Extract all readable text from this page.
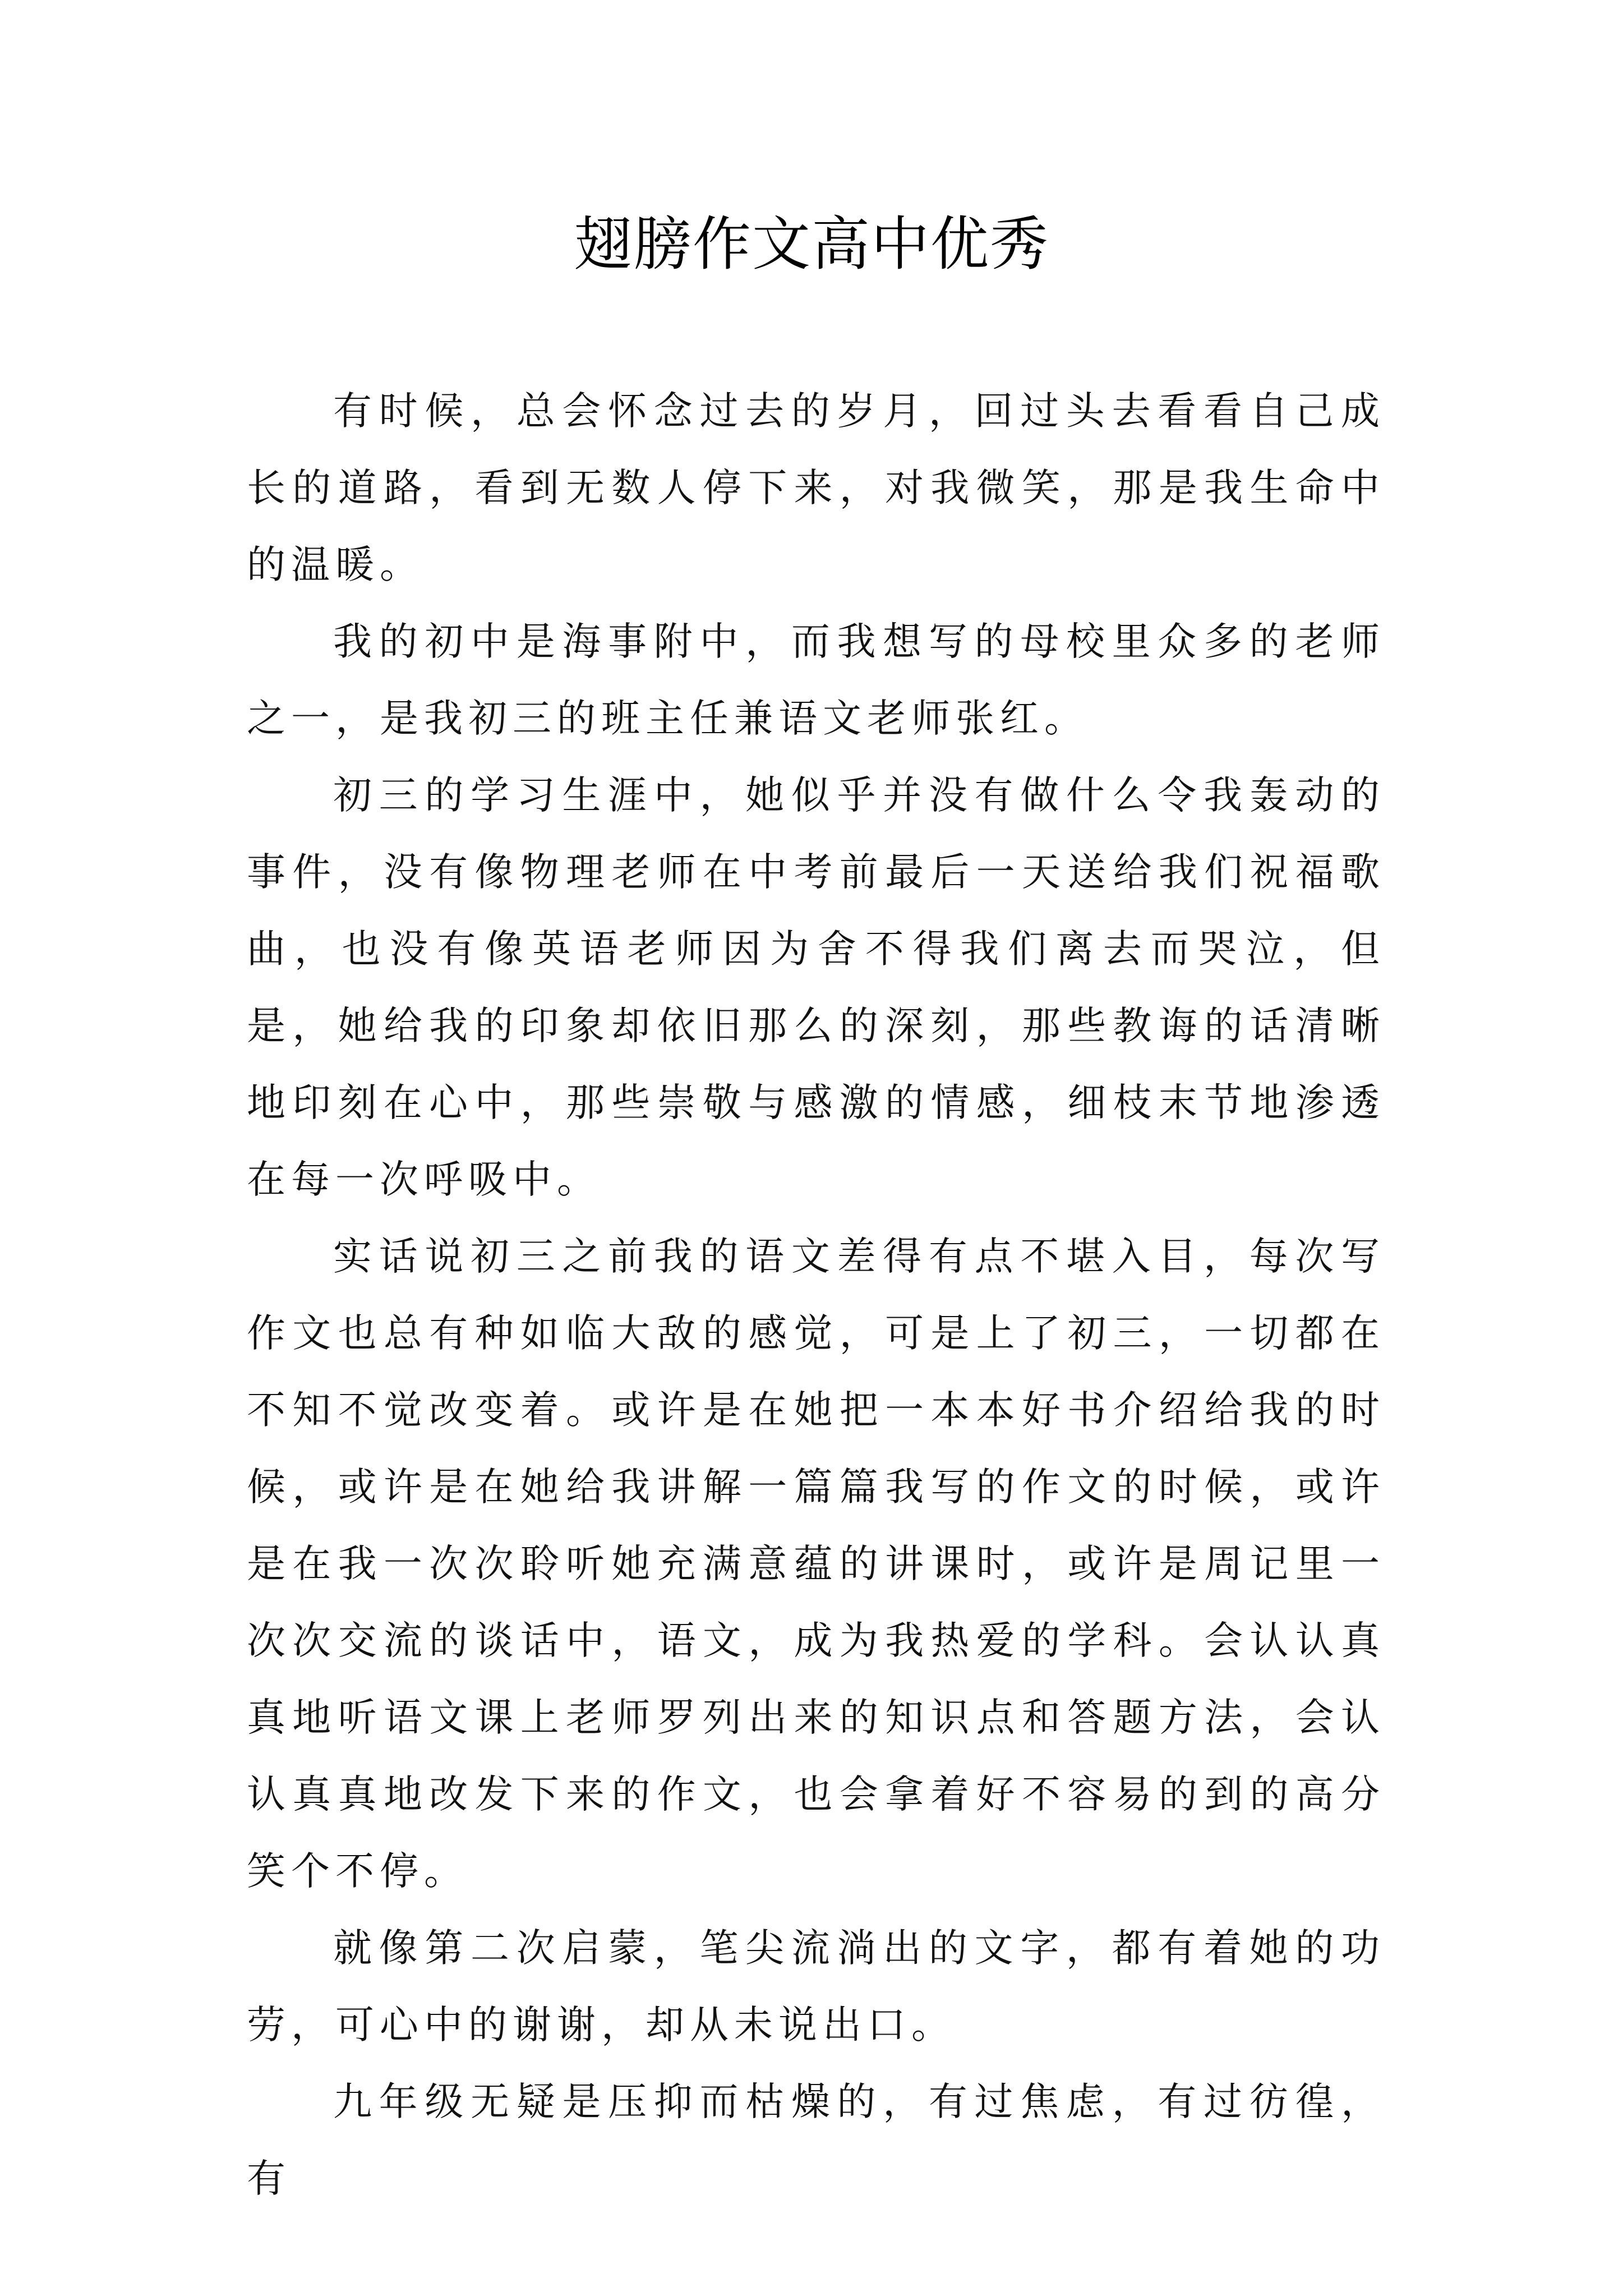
翅膀作文高中优秀

有时候，总会怀念过去的岁月，回过头去看看自己成长的道路，看到无数人停下来，对我微笑，那是我生命中的温暖。

我的初中是海事附中，而我想写的母校里众多的老师之一，是我初三的班主任兼语文老师张红。

初三的学习生涯中，她似乎并没有做什么令我轰动的事件，没有像物理老师在中考前最后一天送给我们祝福歌曲，也没有像英语老师因为舍不得我们离去而哭泣，但是，她给我的印象却依旧那么的深刻，那些教诲的话清晰地印刻在心中，那些崇敬与感激的情感，细枝末节地渗透在每一次呼吸中。

实话说初三之前我的语文差得有点不堪入目，每次写作文也总有种如临大敌的感觉，可是上了初三，一切都在不知不觉改变着。或许是在她把一本本好书介绍给我的时候，或许是在她给我讲解一篇篇我写的作文的时候，或许是在我一次次聆听她充满意蕴的讲课时，或许是周记里一次次交流的谈话中，语文，成为我热爱的学科。会认认真真地听语文课上老师罗列出来的知识点和答题方法，会认认真真地改发下来的作文，也会拿着好不容易的到的高分笑个不停。

就像第二次启蒙，笔尖流淌出的文字，都有着她的功劳，可心中的谢谢，却从未说出口。

九年级无疑是压抑而枯燥的，有过焦虑，有过彷徨，有
